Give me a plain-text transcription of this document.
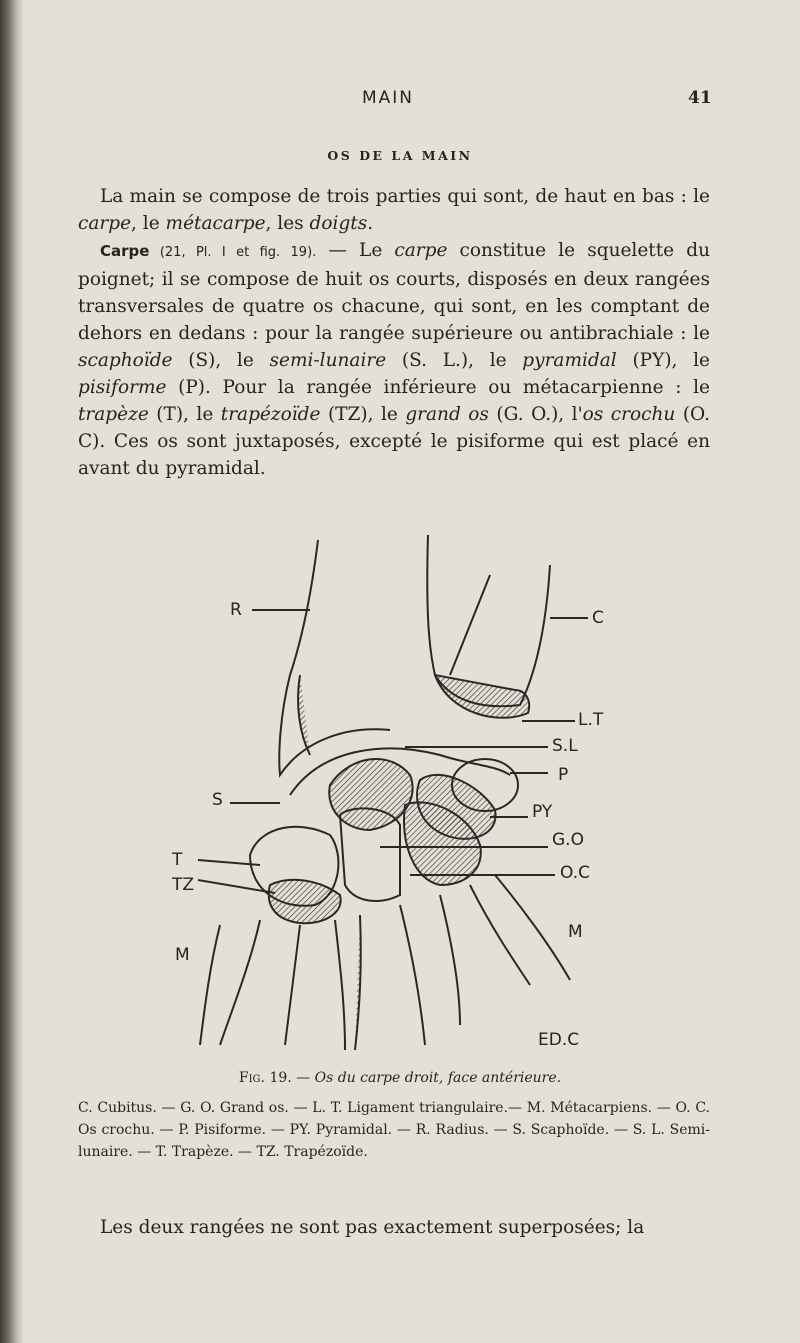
MAIN	41
OS DE LA MAIN

La main se compose de trois parties qui sont, de haut en bas : le carpe, le métacarpe, les doigts.

Carpe (21, Pl. I et fig. 19). — Le carpe constitue le squelette du poignet; il se compose de huit os courts, disposés en deux rangées transversales de quatre os chacune, qui sont, en les comptant de dehors en dedans : pour la rangée supérieure ou antibrachiale : le scaphoïde (S), le semi-lunaire (S. L.), le pyramidal (PY), le pisiforme (P). Pour la rangée inférieure ou métacarpienne : le trapèze (T), le trapézoïde (TZ), le grand os (G. O.), l'os crochu (O. C). Ces os sont juxtaposés, excepté le pisiforme qui est placé en avant du pyramidal.

R	C
L.T
S.L
P
PY
G.O
O.C
S
T
TZ
M
M
ED.C
Fig. 19. — Os du carpe droit, face antérieure.

C. Cubitus. — G. O. Grand os. — L. T. Ligament triangulaire.— M. Métacarpiens. — O. C. Os crochu. — P. Pisiforme. — PY. Pyramidal. — R. Radius. — S. Scaphoïde. — S. L. Semi-lunaire. — T. Trapèze. — TZ. Trapézoïde.

Les deux rangées ne sont pas exactement superposées; la
